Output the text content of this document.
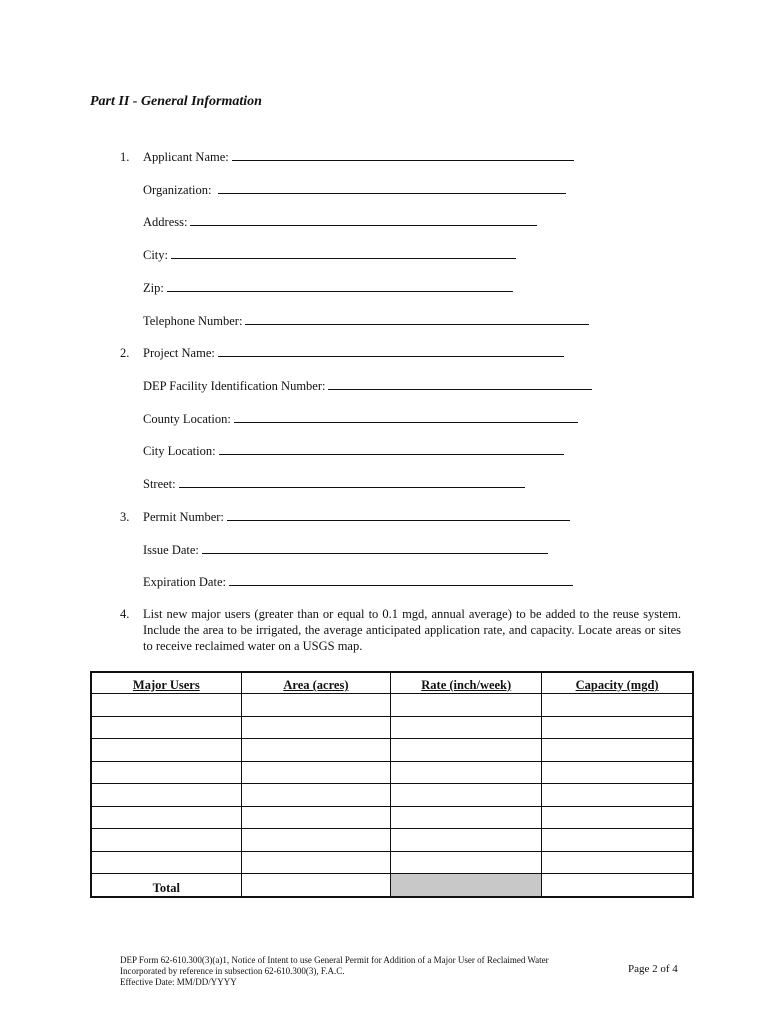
Part II - General Information
1. Applicant Name:
Organization:
Address:
City:
Zip:
Telephone Number:
2. Project Name:
DEP Facility Identification Number:
County Location:
City Location:
Street:
3. Permit Number:
Issue Date:
Expiration Date:
4. List new major users (greater than or equal to 0.1 mgd, annual average) to be added to the reuse system. Include the area to be irrigated, the average anticipated application rate, and capacity. Locate areas or sites to receive reclaimed water on a USGS map.
Major Users	Area (acres)	Rate (inch/week)	Capacity (mgd)

Total			
DEP Form 62-610.300(3)(a)1, Notice of Intent to use General Permit for Addition of a Major User of Reclaimed Water
Incorporated by reference in subsection 62-610.300(3), F.A.C.
Effective Date: MM/DD/YYYY
Page 2 of 4
